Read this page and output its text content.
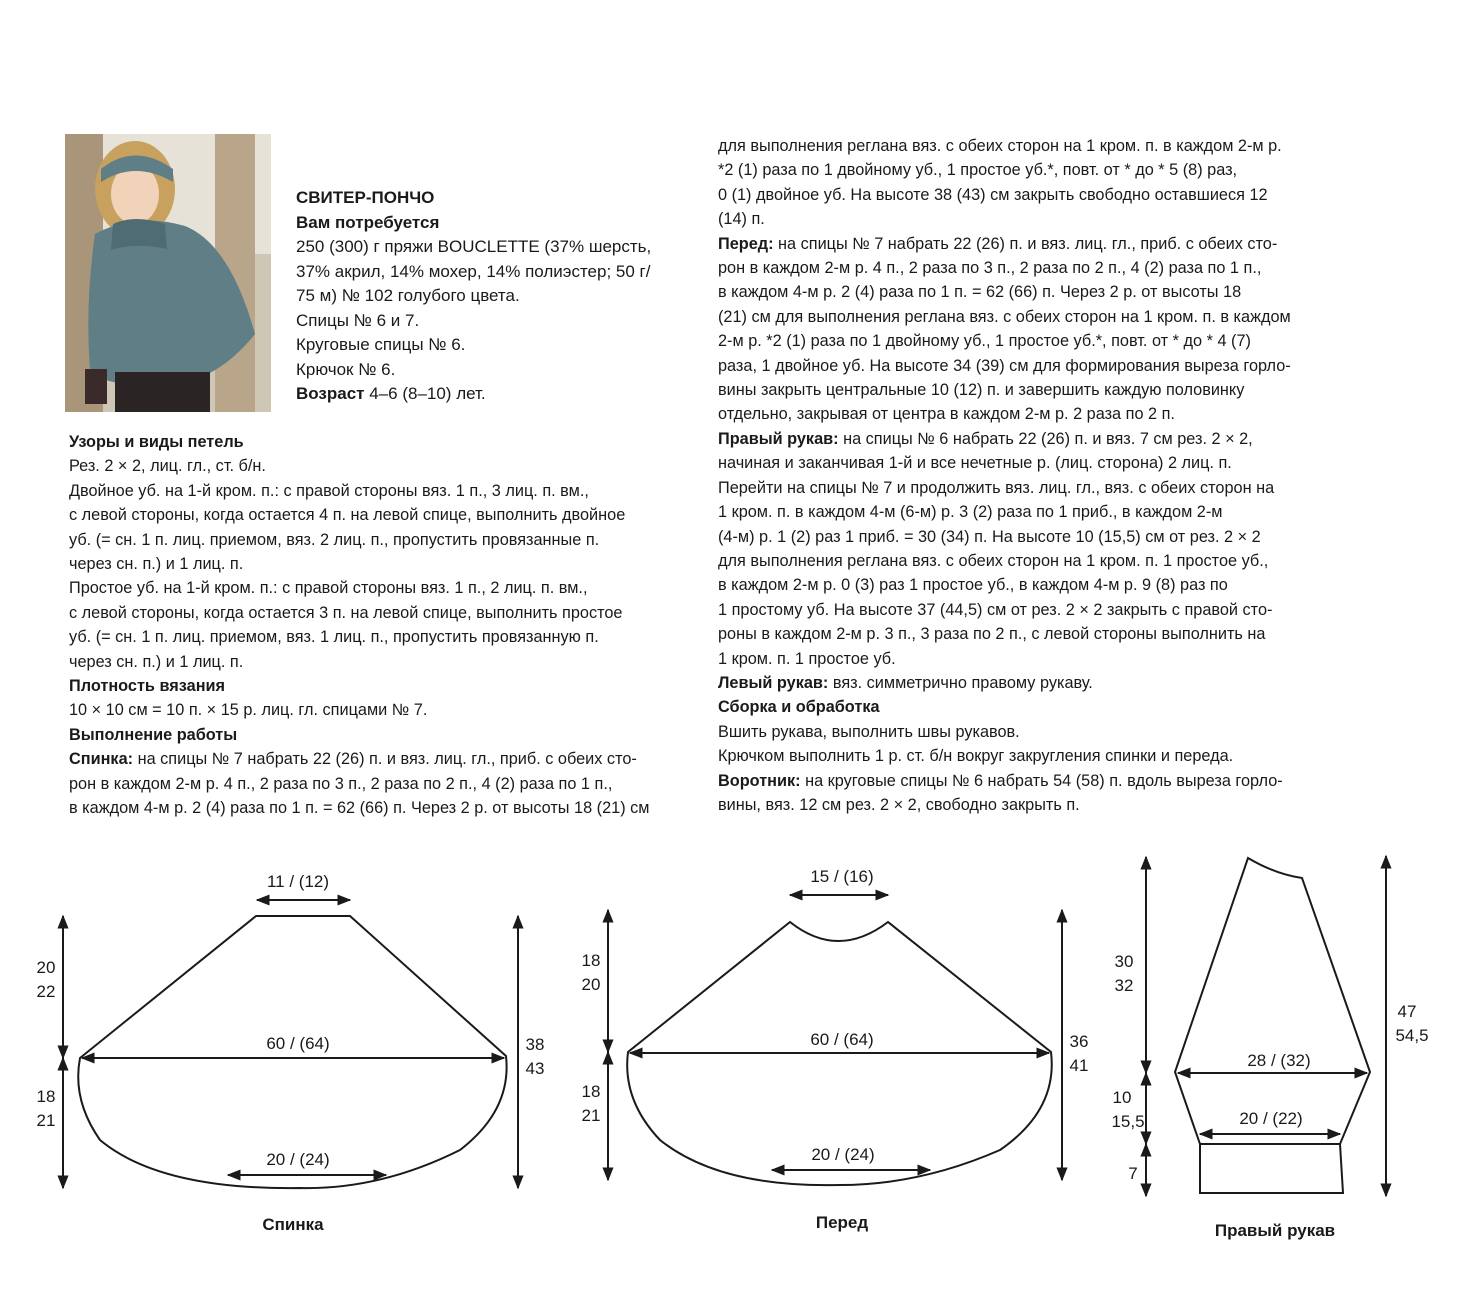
СВИТЕР-ПОНЧО

Вам потребуется

250 (300) г пряжи BOUCLETTE (37% шерсть,

37% акрил, 14% мохер, 14% полиэстер; 50 г/

75 м) № 102 голубого цвета.

Спицы № 6 и 7.

Круговые спицы № 6.

Крючок № 6.

Возраст 4–6 (8–10) лет.

Узоры и виды петель

Рез. 2 × 2, лиц. гл., ст. б/н.

Двойное уб. на 1-й кром. п.: с правой стороны вяз. 1 п., 3 лиц. п. вм.,

с левой стороны, когда остается 4 п. на левой спице, выполнить двойное

уб. (= сн. 1 п. лиц. приемом, вяз. 2 лиц. п., пропустить провязанные п.

через сн. п.) и 1 лиц. п.

Простое уб. на 1-й кром. п.: с правой стороны вяз. 1 п., 2 лиц. п. вм.,

с левой стороны, когда остается 3 п. на левой спице, выполнить простое

уб. (= сн. 1 п. лиц. приемом, вяз. 1 лиц. п., пропустить провязанную п.

через сн. п.) и 1 лиц. п.

Плотность вязания

10 × 10 см = 10 п. × 15 р. лиц. гл. спицами № 7.

Выполнение работы

Спинка: на спицы № 7 набрать 22 (26) п. и вяз. лиц. гл., приб. с обеих сто-

рон в каждом 2-м р. 4 п., 2 раза по 3 п., 2 раза по 2 п., 4 (2) раза по 1 п.,

в каждом 4-м р. 2 (4) раза по 1 п. = 62 (66) п. Через 2 р. от высоты 18 (21) см

для выполнения реглана вяз. с обеих сторон на 1 кром. п. в каждом 2-м р.

*2 (1) раза по 1 двойному уб., 1 простое уб.*, повт. от * до * 5 (8) раз,

0 (1) двойное уб. На высоте 38 (43) см закрыть свободно оставшиеся 12

(14) п.

Перед: на спицы № 7 набрать 22 (26) п. и вяз. лиц. гл., приб. с обеих сто-

рон в каждом 2-м р. 4 п., 2 раза по 3 п., 2 раза по 2 п., 4 (2) раза по 1 п.,

в каждом 4-м р. 2 (4) раза по 1 п. = 62 (66) п. Через 2 р. от высоты 18

(21) см для выполнения реглана вяз. с обеих сторон на 1 кром. п. в каждом

2-м р. *2 (1) раза по 1 двойному уб., 1 простое уб.*, повт. от * до * 4 (7)

раза, 1 двойное уб. На высоте 34 (39) см для формирования выреза горло-

вины закрыть центральные 10 (12) п. и завершить каждую половинку

отдельно, закрывая от центра в каждом 2-м р. 2 раза по 2 п.

Правый рукав: на спицы № 6 набрать 22 (26) п. и вяз. 7 см рез. 2 × 2,

начиная и заканчивая 1-й и все нечетные р. (лиц. сторона) 2 лиц. п.

Перейти на спицы № 7 и продолжить вяз. лиц. гл., вяз. с обеих сторон на

1 кром. п. в каждом 4-м (6-м) р. 3 (2) раза по 1 приб., в каждом 2-м

(4-м) р. 1 (2) раз 1 приб. = 30 (34) п. На высоте 10 (15,5) см от рез. 2 × 2

для выполнения реглана вяз. с обеих сторон на 1 кром. п. 1 простое уб.,

в каждом 2-м р. 0 (3) раз 1 простое уб., в каждом 4-м р. 9 (8) раз по

1 простому уб. На высоте 37 (44,5) см от рез. 2 × 2 закрыть с правой сто-

роны в каждом 2-м р. 3 п., 3 раза по 2 п., с левой стороны выполнить на

1 кром. п. 1 простое уб.

Левый рукав: вяз. симметрично правому рукаву.

Сборка и обработка

Вшить рукава, выполнить швы рукавов.

Крючком выполнить 1 р. ст. б/н вокруг закругления спинки и переда.

Воротник: на круговые спицы № 6 набрать 54 (58) п. вдоль выреза горло-

вины, вяз. 12 см рез. 2 × 2, свободно закрыть п.

11 / (12)
60 / (64)
20 / (24)
20
22
18
21
38
43
Спинка
15 / (16)
60 / (64)
20 / (24)
18
20
18
21
36
41
Перед
28 / (32)
20 / (22)
30
32
10
15,5
7
47
54,5
Правый рукав
